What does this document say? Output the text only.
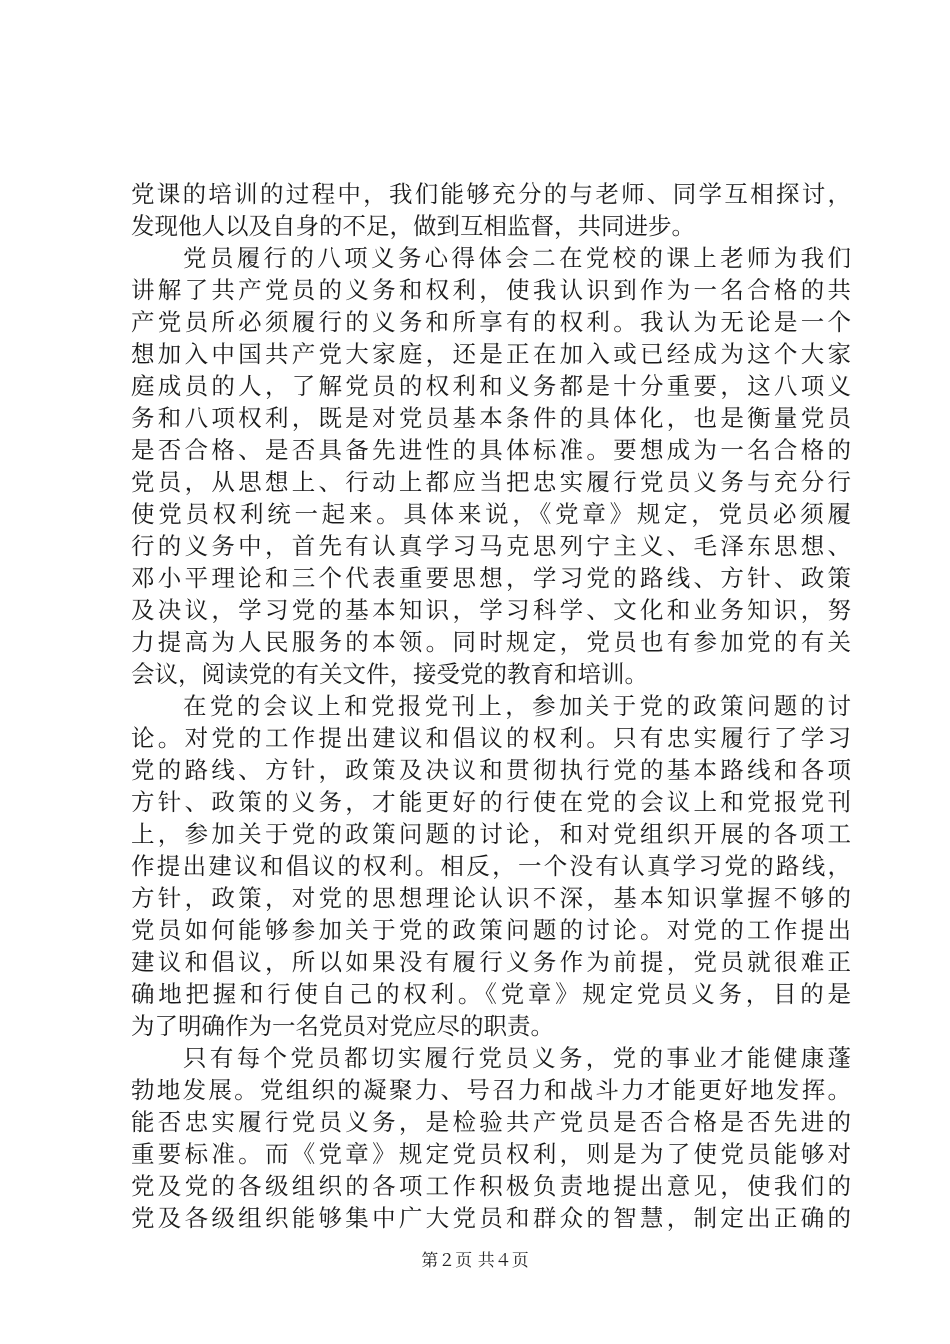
党课的培训的过程中，我们能够充分的与老师、同学互相探讨，
发现他人以及自身的不足，做到互相监督，共同进步。
党员履行的八项义务心得体会二在党校的课上老师为我们
讲解了共产党员的义务和权利，使我认识到作为一名合格的共
产党员所必须履行的义务和所享有的权利。我认为无论是一个
想加入中国共产党大家庭，还是正在加入或已经成为这个大家
庭成员的人，了解党员的权利和义务都是十分重要，这八项义
务和八项权利，既是对党员基本条件的具体化，也是衡量党员
是否合格、是否具备先进性的具体标准。要想成为一名合格的
党员，从思想上、行动上都应当把忠实履行党员义务与充分行
使党员权利统一起来。具体来说，《党章》规定，党员必须履
行的义务中，首先有认真学习马克思列宁主义、毛泽东思想、
邓小平理论和三个代表重要思想，学习党的路线、方针、政策
及决议，学习党的基本知识，学习科学、文化和业务知识，努
力提高为人民服务的本领。同时规定，党员也有参加党的有关
会议，阅读党的有关文件，接受党的教育和培训。
在党的会议上和党报党刊上，参加关于党的政策问题的讨
论。对党的工作提出建议和倡议的权利。只有忠实履行了学习
党的路线、方针，政策及决议和贯彻执行党的基本路线和各项
方针、政策的义务，才能更好的行使在党的会议上和党报党刊
上，参加关于党的政策问题的讨论，和对党组织开展的各项工
作提出建议和倡议的权利。相反，一个没有认真学习党的路线，
方针，政策，对党的思想理论认识不深，基本知识掌握不够的
党员如何能够参加关于党的政策问题的讨论。对党的工作提出
建议和倡议，所以如果没有履行义务作为前提，党员就很难正
确地把握和行使自己的权利。《党章》规定党员义务，目的是
为了明确作为一名党员对党应尽的职责。
只有每个党员都切实履行党员义务，党的事业才能健康蓬
勃地发展。党组织的凝聚力、号召力和战斗力才能更好地发挥。
能否忠实履行党员义务，是检验共产党员是否合格是否先进的
重要标准。而《党章》规定党员权利，则是为了使党员能够对
党及党的各级组织的各项工作积极负责地提出意见，使我们的
党及各级组织能够集中广大党员和群众的智慧，制定出正确的
第２页 共４页
